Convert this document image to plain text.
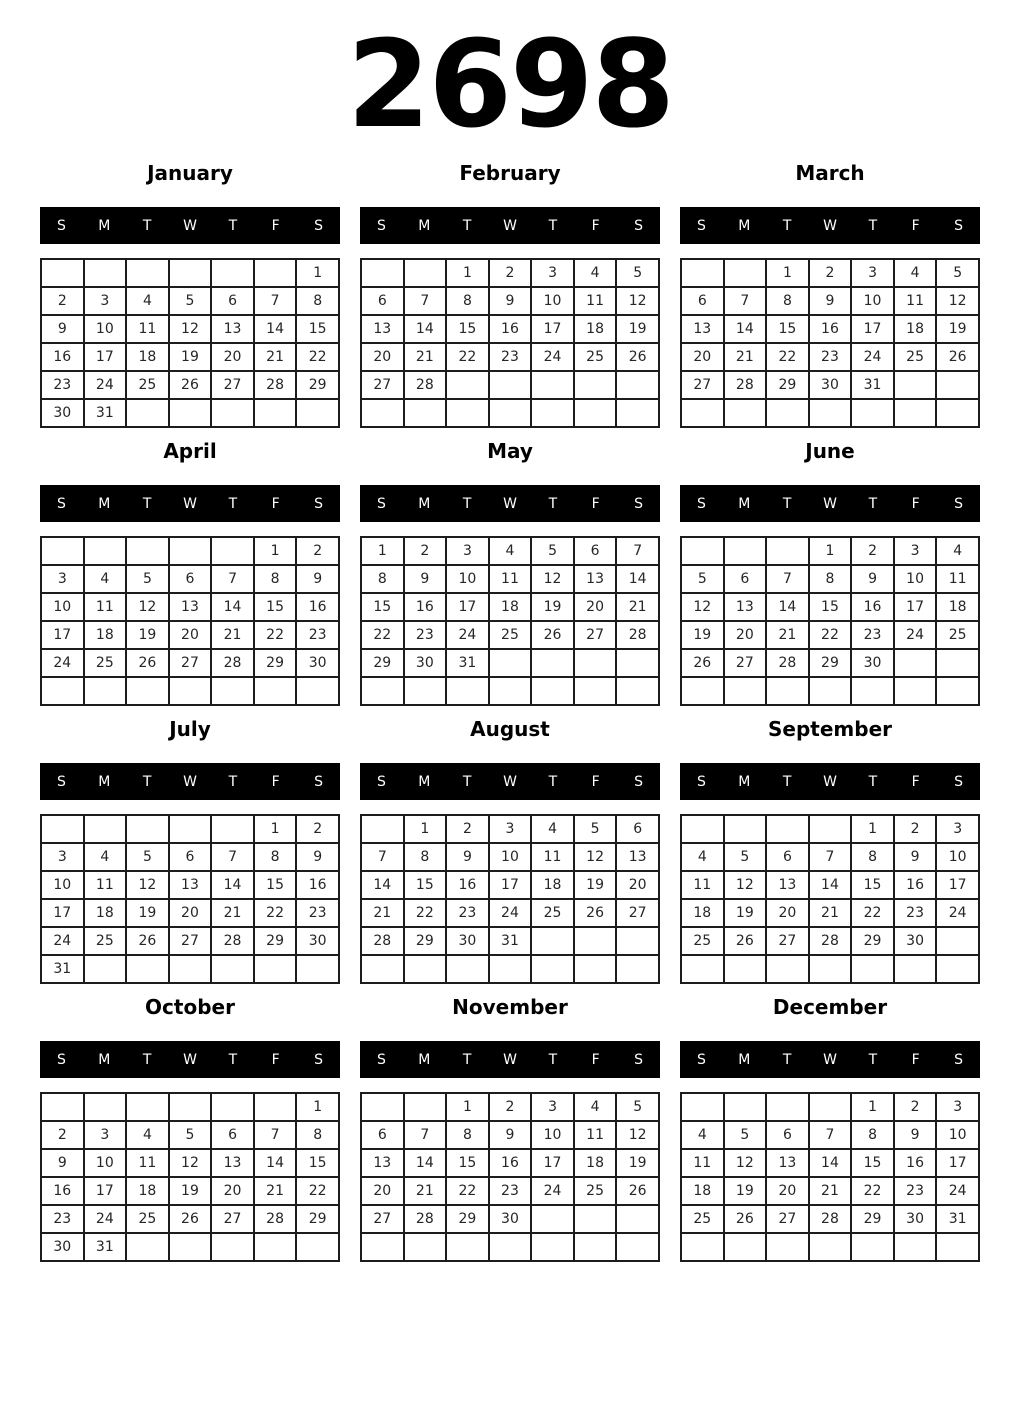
2698
January
S	M	T	W	T	F	S
						1
2	3	4	5	6	7	8
9	10	11	12	13	14	15
16	17	18	19	20	21	22
23	24	25	26	27	28	29
30	31					
February
S	M	T	W	T	F	S
		1	2	3	4	5
6	7	8	9	10	11	12
13	14	15	16	17	18	19
20	21	22	23	24	25	26
27	28					

March
S	M	T	W	T	F	S
		1	2	3	4	5
6	7	8	9	10	11	12
13	14	15	16	17	18	19
20	21	22	23	24	25	26
27	28	29	30	31		

April
S	M	T	W	T	F	S
					1	2
3	4	5	6	7	8	9
10	11	12	13	14	15	16
17	18	19	20	21	22	23
24	25	26	27	28	29	30

May
S	M	T	W	T	F	S
1	2	3	4	5	6	7
8	9	10	11	12	13	14
15	16	17	18	19	20	21
22	23	24	25	26	27	28
29	30	31				

June
S	M	T	W	T	F	S
			1	2	3	4
5	6	7	8	9	10	11
12	13	14	15	16	17	18
19	20	21	22	23	24	25
26	27	28	29	30		

July
S	M	T	W	T	F	S
					1	2
3	4	5	6	7	8	9
10	11	12	13	14	15	16
17	18	19	20	21	22	23
24	25	26	27	28	29	30
31						
August
S	M	T	W	T	F	S
	1	2	3	4	5	6
7	8	9	10	11	12	13
14	15	16	17	18	19	20
21	22	23	24	25	26	27
28	29	30	31			

September
S	M	T	W	T	F	S
				1	2	3
4	5	6	7	8	9	10
11	12	13	14	15	16	17
18	19	20	21	22	23	24
25	26	27	28	29	30	

October
S	M	T	W	T	F	S
						1
2	3	4	5	6	7	8
9	10	11	12	13	14	15
16	17	18	19	20	21	22
23	24	25	26	27	28	29
30	31					
November
S	M	T	W	T	F	S
		1	2	3	4	5
6	7	8	9	10	11	12
13	14	15	16	17	18	19
20	21	22	23	24	25	26
27	28	29	30			

December
S	M	T	W	T	F	S
				1	2	3
4	5	6	7	8	9	10
11	12	13	14	15	16	17
18	19	20	21	22	23	24
25	26	27	28	29	30	31
